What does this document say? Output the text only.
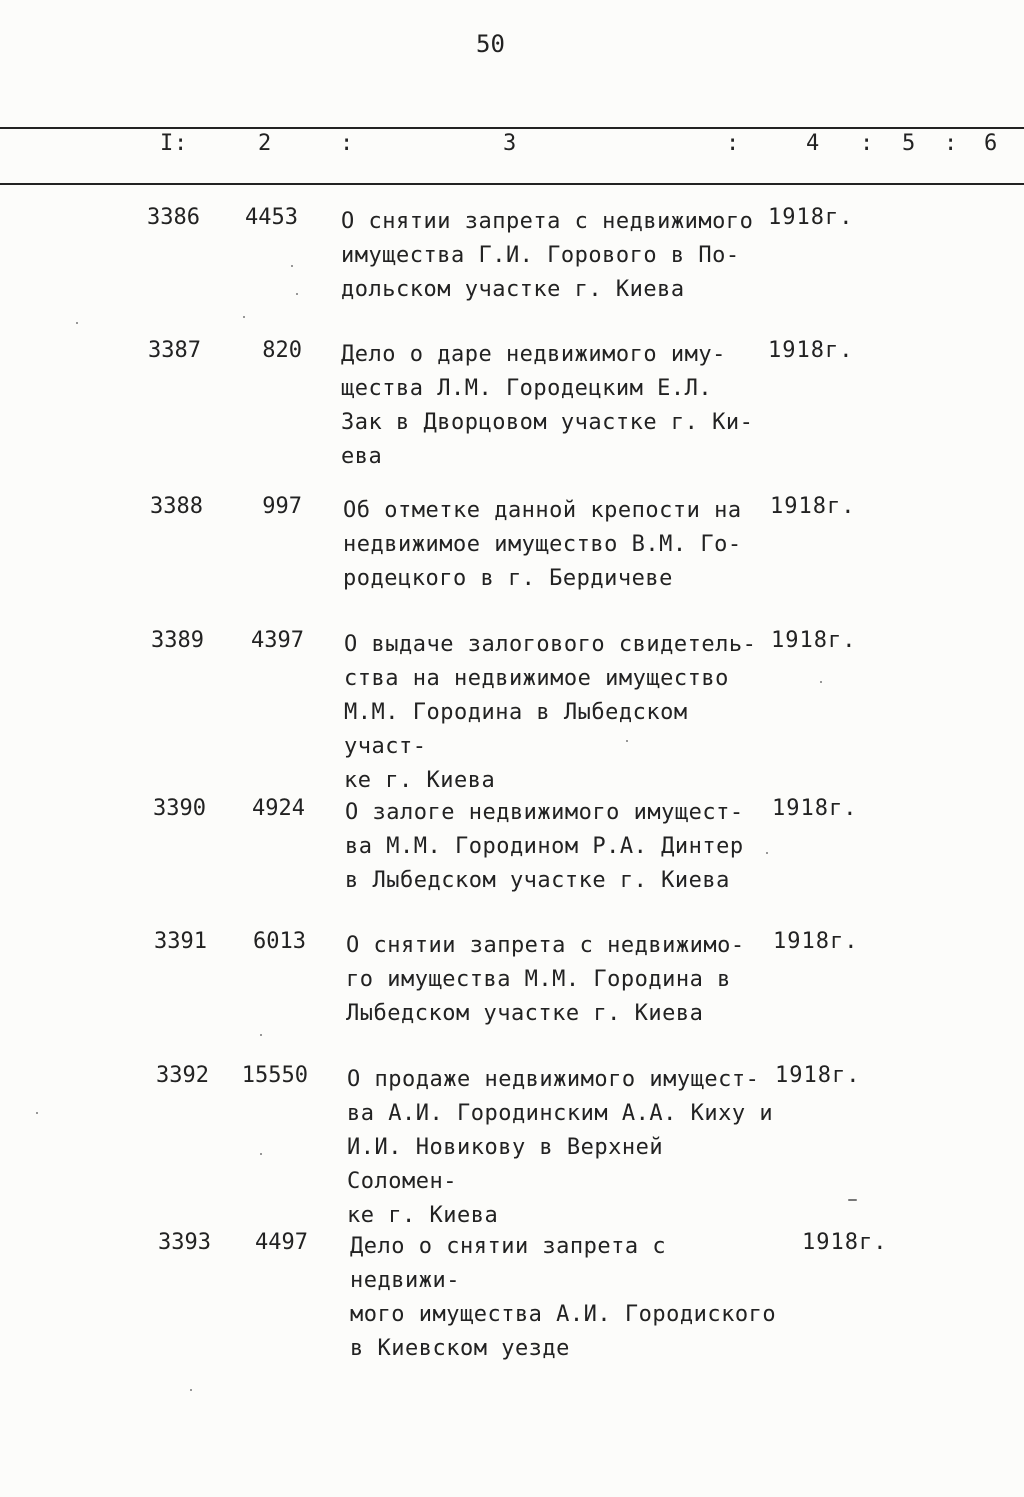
50
I :	2	:	3	:	4 : 5 : 6
3386	4453 О снятии запрета с недвижимого
имущества Г.И. Горового в По-
дольском участке г. Киева
1918г.
3387	820 Дело о даре недвижимого иму-
щества Л.М. Городецким Е.Л.
Зак в Дворцовом участке г. Ки-
ева
1918г.
3388	997 Об отметке данной крепости на
недвижимое имущество В.М. Го-
родецкого в г. Бердичеве
1918г.
3389	4397 О выдаче залогового свидетель-
ства на недвижимое имущество
М.М. Городина в Лыбедском участ-
ке г. Киева
1918г.
3390	4924 О залоге недвижимого имущест-
ва М.М. Городином Р.А. Динтер
в Лыбедском участке г. Киева
1918г.
3391	6013 О снятии запрета с недвижимо-
го имущества М.М. Городина в
Лыбедском участке г. Киева
1918г.
3392	15550 О продаже недвижимого имущест-
ва А.И. Городинским А.А. Киху и
И.И. Новикову в Верхней Соломен-
ке г. Киева
1918г.
3393	4497 Дело о снятии запрета с недвижи-
мого имущества А.И. Городиского
в Киевском уезде
1918г.
